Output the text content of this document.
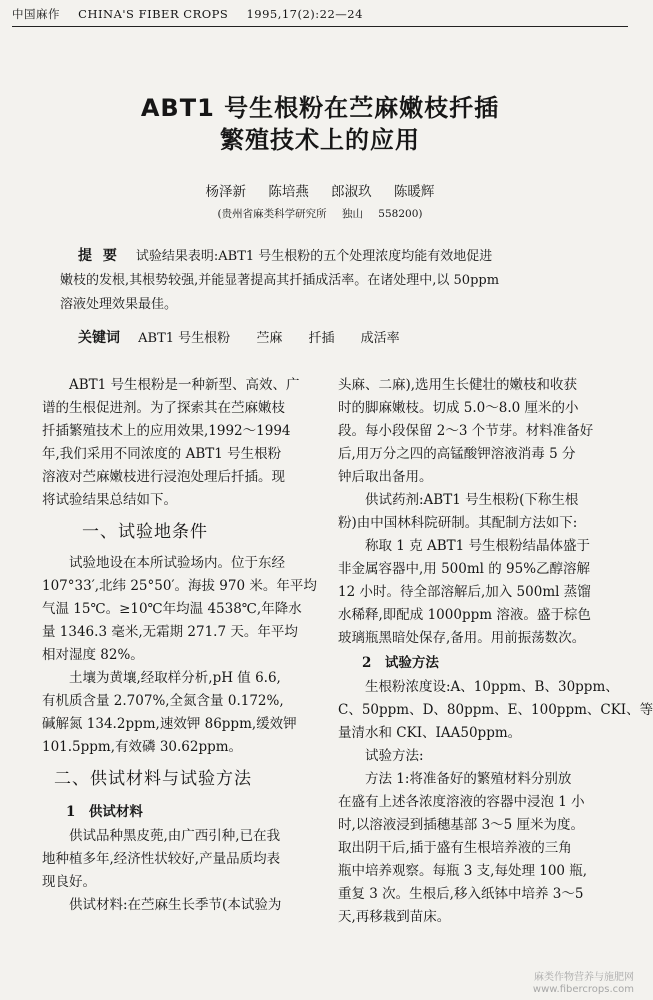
中国麻作 CHINA'S FIBER CROPS 1995,17(2):22—24
ABT1 号生根粉在苎麻嫩枝扦插
繁殖技术上的应用
杨泽新 陈培燕 郎淑玖 陈暖辉
(贵州省麻类科学研究所 独山 558200)
提 要 试验结果表明:ABT1 号生根粉的五个处理浓度均能有效地促进
嫩枝的发根,其根势较强,并能显著提高其扦插成活率。在诸处理中,以 50ppm
溶液处理效果最佳。
关键词 ABT1 号生根粉 苎麻 扦插 成活率
ABT1 号生根粉是一种新型、高效、广
谱的生根促进剂。为了探索其在苎麻嫩枝
扦插繁殖技术上的应用效果,1992～1994
年,我们采用不同浓度的 ABT1 号生根粉
溶液对苎麻嫩枝进行浸泡处理后扦插。现
将试验结果总结如下。
一、试验地条件
试验地设在本所试验场内。位于东经
107°33′,北纬 25°50′。海拔 970 米。年平均
气温 15℃。≥10℃年均温 4538℃,年降水
量 1346.3 毫米,无霜期 271.7 天。年平均
相对湿度 82%。
土壤为黄壤,经取样分析,pH 值 6.6,
有机质含量 2.707%,全氮含量 0.172%,
碱解氮 134.2ppm,速效钾 86ppm,缓效钾
101.5ppm,有效磷 30.62ppm。
二、供试材料与试验方法
1　供试材料
供试品种黑皮蔸,由广西引种,已在我
地种植多年,经济性状较好,产量品质均表
现良好。
供试材料:在苎麻生长季节(本试验为
头麻、二麻),选用生长健壮的嫩枝和收获
时的脚麻嫩枝。切成 5.0～8.0 厘米的小
段。每小段保留 2～3 个节芽。材料准备好
后,用万分之四的高锰酸钾溶液消毒 5 分
钟后取出备用。
供试药剂:ABT1 号生根粉(下称生根
粉)由中国林科院研制。其配制方法如下:
称取 1 克 ABT1 号生根粉结晶体盛于
非金属容器中,用 500ml 的 95%乙醇溶解
12 小时。待全部溶解后,加入 500ml 蒸馏
水稀释,即配成 1000ppm 溶液。盛于棕色
玻璃瓶黑暗处保存,备用。用前振荡数次。
2　试验方法
生根粉浓度设:A、10ppm、B、30ppm、
C、50ppm、D、80ppm、E、100ppm、CKI、等
量清水和 CKⅠ、ⅠAA50ppm。
试验方法:
方法 1:将准备好的繁殖材料分别放
在盛有上述各浓度溶液的容器中浸泡 1 小
时,以溶液浸到插穗基部 3～5 厘米为度。
取出阴干后,插于盛有生根培养液的三角
瓶中培养观察。每瓶 3 支,每处理 100 瓶,
重复 3 次。生根后,移入纸钵中培养 3～5
天,再移栽到苗床。
麻类作物营养与施肥网
www.fibercrops.com
